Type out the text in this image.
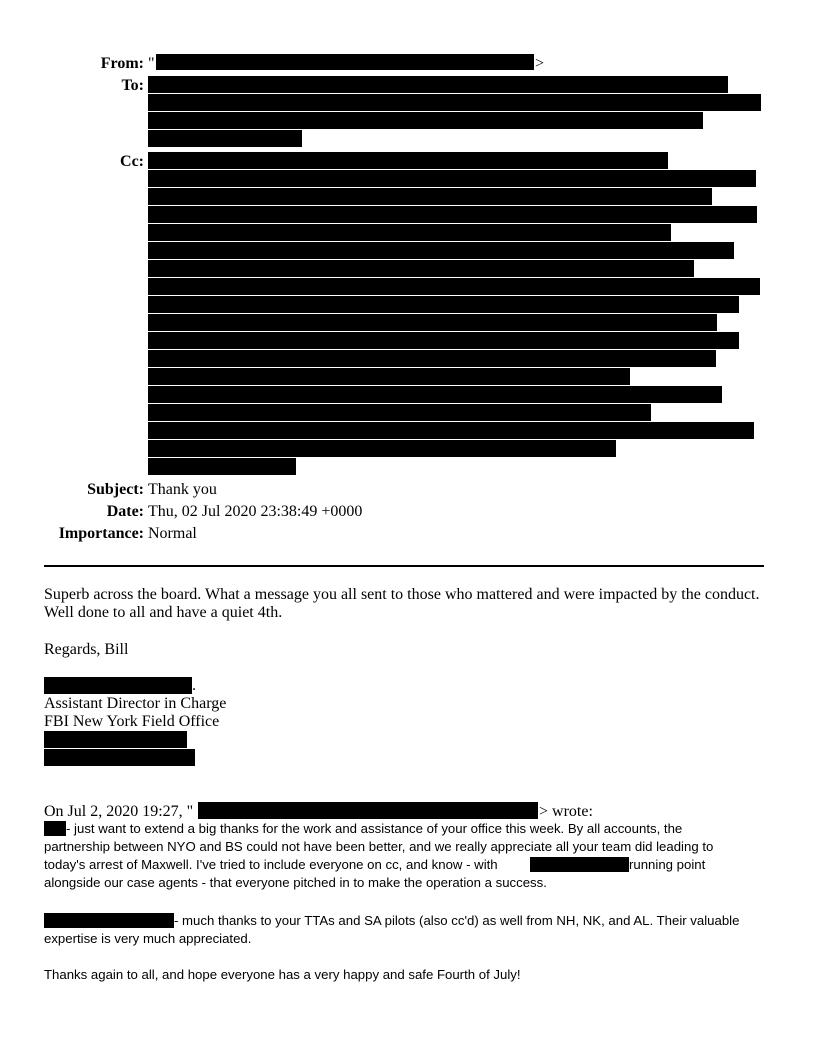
From: "	>
To:
Cc:
Subject: Thank you
Date: Thu, 02 Jul 2020 23:38:49 +0000
Importance: Normal
Superb across the board. What a message you all sent to those who mattered and were impacted by the conduct.
Well done to all and have a quiet 4th.
Regards, Bill
.
Assistant Director in Charge
FBI New York Field Office
On Jul 2, 2020 19:27, "	> wrote:
- just want to extend a big thanks for the work and assistance of your office this week. By all accounts, the
partnership between NYO and BS could not have been better, and we really appreciate all your team did leading to
today's arrest of Maxwell. I've tried to include everyone on cc, and know - with	running point
alongside our case agents - that everyone pitched in to make the operation a success.
- much thanks to your TTAs and SA pilots (also cc'd) as well from NH, NK, and AL. Their valuable
expertise is very much appreciated.
Thanks again to all, and hope everyone has a very happy and safe Fourth of July!
